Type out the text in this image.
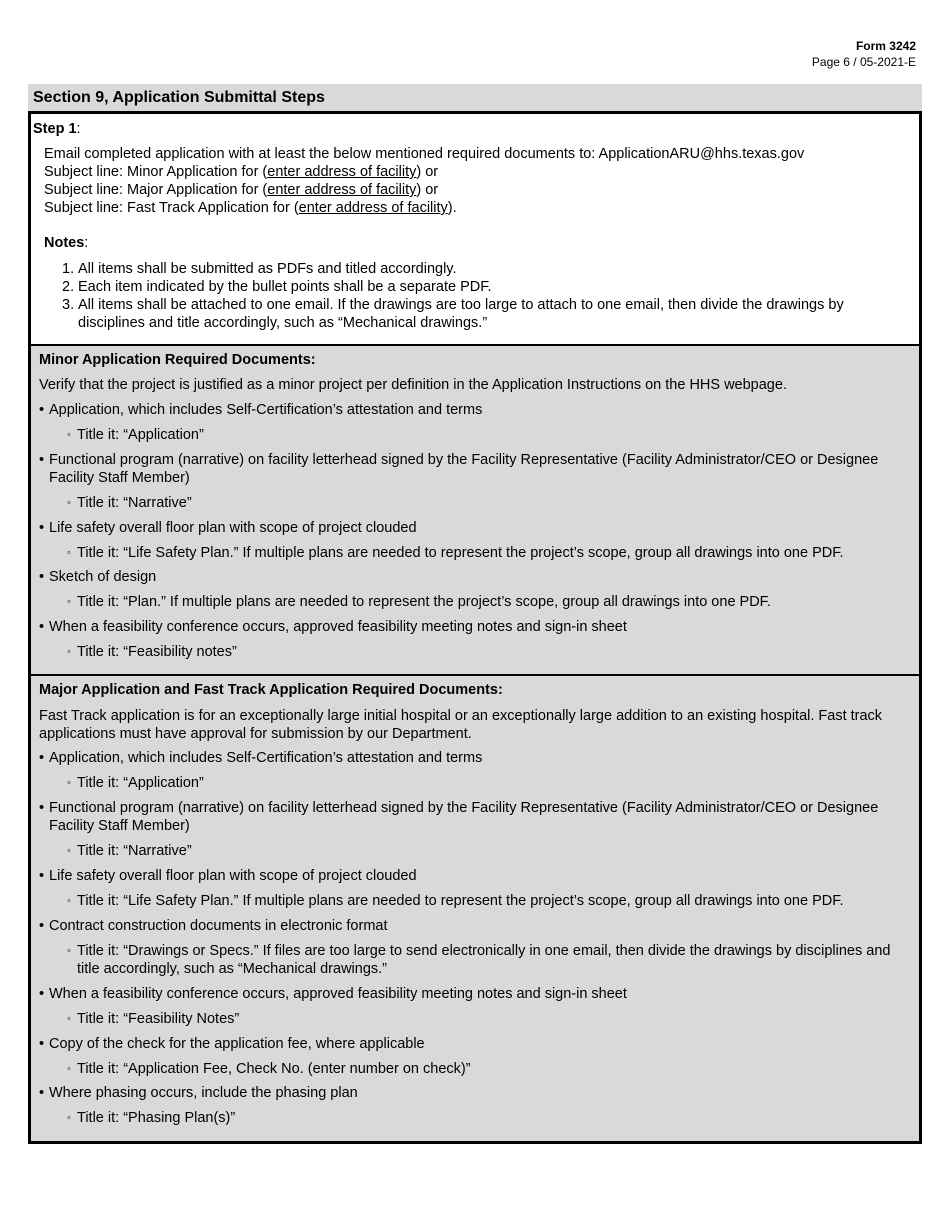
Form 3242
Page 6 / 05-2021-E
Section 9, Application Submittal Steps
Step 1:
Email completed application with at least the below mentioned required documents to: ApplicationARU@hhs.texas.gov
Subject line: Minor Application for (enter address of facility) or
Subject line: Major Application for (enter address of facility) or
Subject line: Fast Track Application for (enter address of facility).
Notes:
1. All items shall be submitted as PDFs and titled accordingly.
2. Each item indicated by the bullet points shall be a separate PDF.
3. All items shall be attached to one email. If the drawings are too large to attach to one email, then divide the drawings by disciplines and title accordingly, such as “Mechanical drawings.”
Minor Application Required Documents:
Verify that the project is justified as a minor project per definition in the Application Instructions on the HHS webpage.
• Application, which includes Self-Certification’s attestation and terms
◦ Title it: “Application”
• Functional program (narrative) on facility letterhead signed by the Facility Representative (Facility Administrator/CEO or Designee Facility Staff Member)
◦ Title it: “Narrative”
• Life safety overall floor plan with scope of project clouded
◦ Title it: “Life Safety Plan.” If multiple plans are needed to represent the project’s scope, group all drawings into one PDF.
• Sketch of design
◦ Title it: “Plan.” If multiple plans are needed to represent the project’s scope, group all drawings into one PDF.
• When a feasibility conference occurs, approved feasibility meeting notes and sign-in sheet
◦ Title it: “Feasibility notes”
Major Application and Fast Track Application Required Documents:
Fast Track application is for an exceptionally large initial hospital or an exceptionally large addition to an existing hospital. Fast track applications must have approval for submission by our Department.
• Application, which includes Self-Certification’s attestation and terms
◦ Title it: “Application”
• Functional program (narrative) on facility letterhead signed by the Facility Representative (Facility Administrator/CEO or Designee Facility Staff Member)
◦ Title it: “Narrative”
• Life safety overall floor plan with scope of project clouded
◦ Title it: “Life Safety Plan.” If multiple plans are needed to represent the project’s scope, group all drawings into one PDF.
• Contract construction documents in electronic format
◦ Title it: “Drawings or Specs.” If files are too large to send electronically in one email, then divide the drawings by disciplines and title accordingly, such as “Mechanical drawings.”
• When a feasibility conference occurs, approved feasibility meeting notes and sign-in sheet
◦ Title it: “Feasibility Notes”
• Copy of the check for the application fee, where applicable
◦ Title it: “Application Fee, Check No. (enter number on check)”
• Where phasing occurs, include the phasing plan
◦ Title it: “Phasing Plan(s)”
